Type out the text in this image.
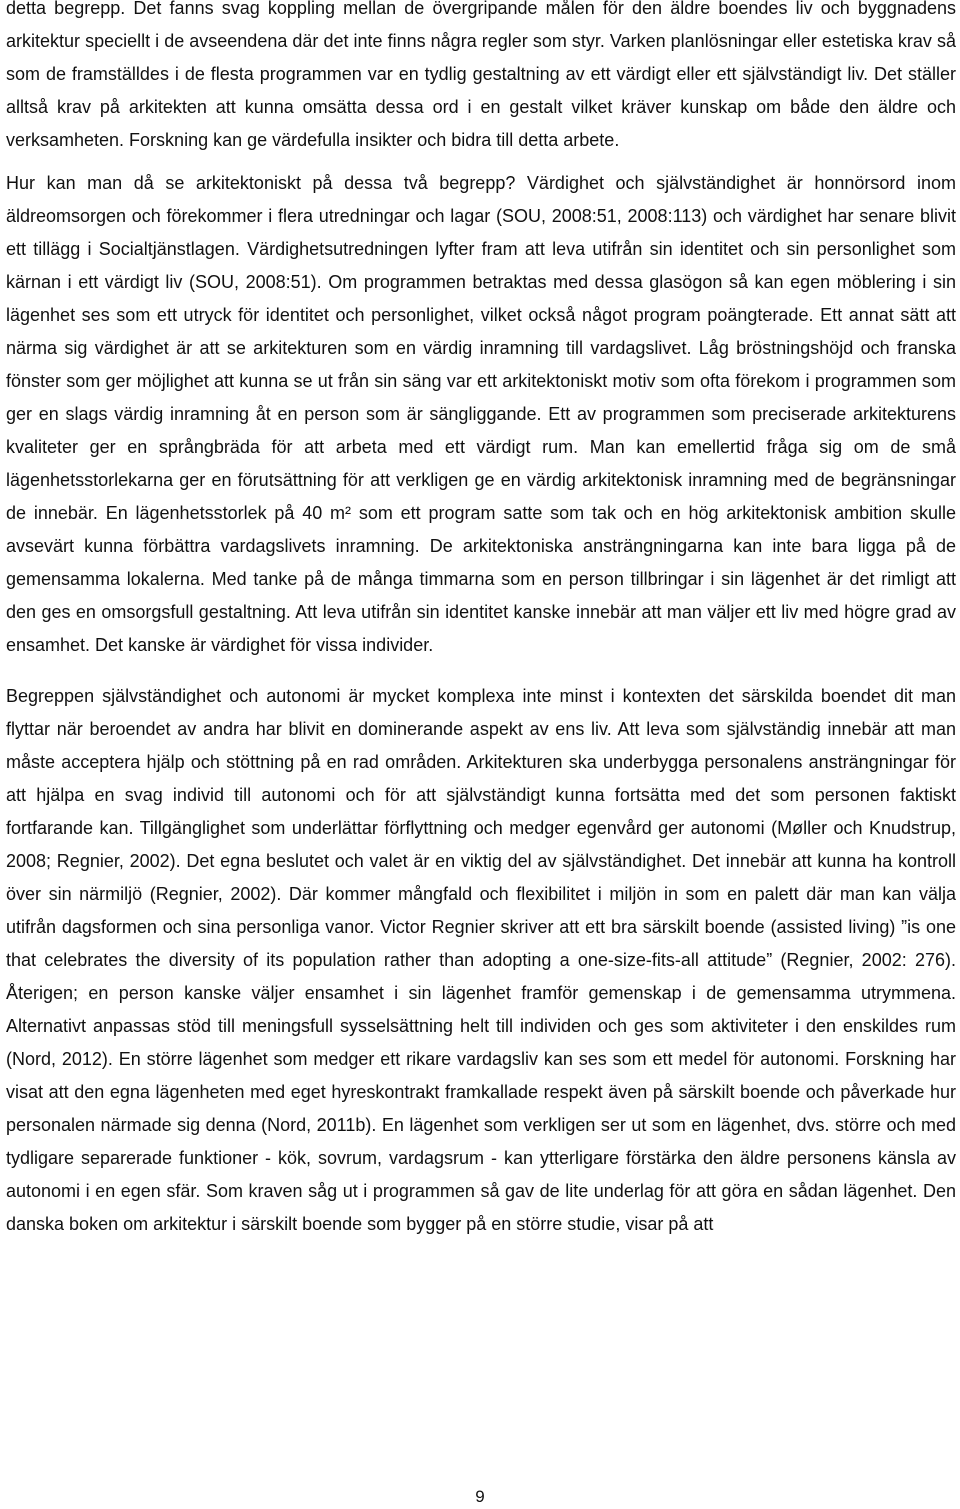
detta begrepp. Det fanns svag koppling mellan de övergripande målen för den äldre boendes liv och byggnadens arkitektur speciellt i de avseendena där det inte finns några regler som styr. Varken planlösningar eller estetiska krav så som de framställdes i de flesta programmen var en tydlig gestaltning av ett värdigt eller ett självständigt liv. Det ställer alltså krav på arkitekten att kunna omsätta dessa ord i en gestalt vilket kräver kunskap om både den äldre och verksamheten. Forskning kan ge värdefulla insikter och bidra till detta arbete.

Hur kan man då se arkitektoniskt på dessa två begrepp? Värdighet och självständighet är honnörsord inom äldreomsorgen och förekommer i flera utredningar och lagar (SOU, 2008:51, 2008:113) och värdighet har senare blivit ett tillägg i Socialtjänstlagen. Värdighetsutredningen lyfter fram att leva utifrån sin identitet och sin personlighet som kärnan i ett värdigt liv (SOU, 2008:51). Om programmen betraktas med dessa glasögon så kan egen möblering i sin lägenhet ses som ett utryck för identitet och personlighet, vilket också något program poängterade. Ett annat sätt att närma sig värdighet är att se arkitekturen som en värdig inramning till vardagslivet. Låg bröstningshöjd och franska fönster som ger möjlighet att kunna se ut från sin säng var ett arkitektoniskt motiv som ofta förekom i programmen som ger en slags värdig inramning åt en person som är sängliggande. Ett av programmen som preciserade arkitekturens kvaliteter ger en språngbräda för att arbeta med ett värdigt rum. Man kan emellertid fråga sig om de små lägenhetsstorlekarna ger en förutsättning för att verkligen ge en värdig arkitektonisk inramning med de begränsningar de innebär. En lägenhetsstorlek på 40 m² som ett program satte som tak och en hög arkitektonisk ambition skulle avsevärt kunna förbättra vardagslivets inramning. De arkitektoniska ansträngningarna kan inte bara ligga på de gemensamma lokalerna. Med tanke på de många timmarna som en person tillbringar i sin lägenhet är det rimligt att den ges en omsorgsfull gestaltning. Att leva utifrån sin identitet kanske innebär att man väljer ett liv med högre grad av ensamhet. Det kanske är värdighet för vissa individer.

Begreppen självständighet och autonomi är mycket komplexa inte minst i kontexten det särskilda boendet dit man flyttar när beroendet av andra har blivit en dominerande aspekt av ens liv. Att leva som självständig innebär att man måste acceptera hjälp och stöttning på en rad områden. Arkitekturen ska underbygga personalens ansträngningar för att hjälpa en svag individ till autonomi och för att självständigt kunna fortsätta med det som personen faktiskt fortfarande kan. Tillgänglighet som underlättar förflyttning och medger egenvård ger autonomi (Møller och Knudstrup, 2008; Regnier, 2002). Det egna beslutet och valet är en viktig del av självständighet. Det innebär att kunna ha kontroll över sin närmiljö (Regnier, 2002). Där kommer mångfald och flexibilitet i miljön in som en palett där man kan välja utifrån dagsformen och sina personliga vanor. Victor Regnier skriver att ett bra särskilt boende (assisted living) ”is one that celebrates the diversity of its population rather than adopting a one-size-fits-all attitude” (Regnier, 2002: 276). Återigen; en person kanske väljer ensamhet i sin lägenhet framför gemenskap i de gemensamma utrymmena. Alternativt anpassas stöd till meningsfull sysselsättning helt till individen och ges som aktiviteter i den enskildes rum (Nord, 2012). En större lägenhet som medger ett rikare vardagsliv kan ses som ett medel för autonomi. Forskning har visat att den egna lägenheten med eget hyreskontrakt framkallade respekt även på särskilt boende och påverkade hur personalen närmade sig denna (Nord, 2011b). En lägenhet som verkligen ser ut som en lägenhet, dvs. större och med tydligare separerade funktioner - kök, sovrum, vardagsrum - kan ytterligare förstärka den äldre personens känsla av autonomi i en egen sfär. Som kraven såg ut i programmen så gav de lite underlag för att göra en sådan lägenhet. Den danska boken om arkitektur i särskilt boende som bygger på en större studie, visar på att

9
